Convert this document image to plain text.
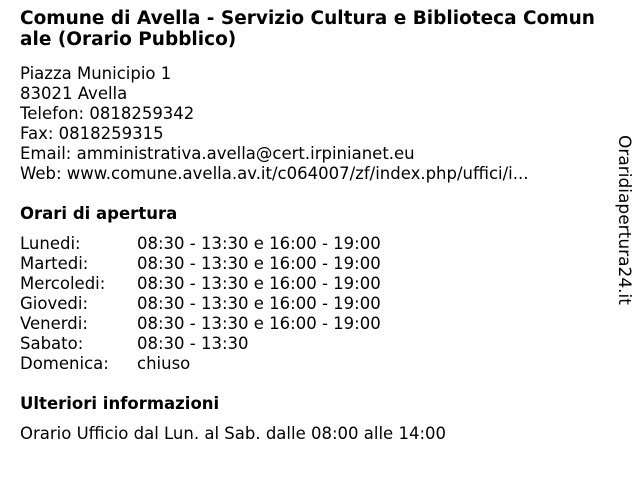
Comune di Avella - Servizio Cultura e Biblioteca Comunale (Orario Pubblico)
Piazza Municipio 1
83021 Avella
Telefon: 0818259342
Fax: 0818259315
Email: amministrativa.avella@cert.irpinianet.eu
Web: www.comune.avella.av.it/c064007/zf/index.php/uffici/i...
Orari di apertura
Lunedi:	08:30 - 13:30 e 16:00 - 19:00
Martedi:	08:30 - 13:30 e 16:00 - 19:00
Mercoledi:	08:30 - 13:30 e 16:00 - 19:00
Giovedi:	08:30 - 13:30 e 16:00 - 19:00
Venerdi:	08:30 - 13:30 e 16:00 - 19:00
Sabato:	08:30 - 13:30
Domenica:	chiuso
Ulteriori informazioni

Orario Ufficio dal Lun. al Sab. dalle 08:00 alle 14:00

Oraridiapertura24.it
